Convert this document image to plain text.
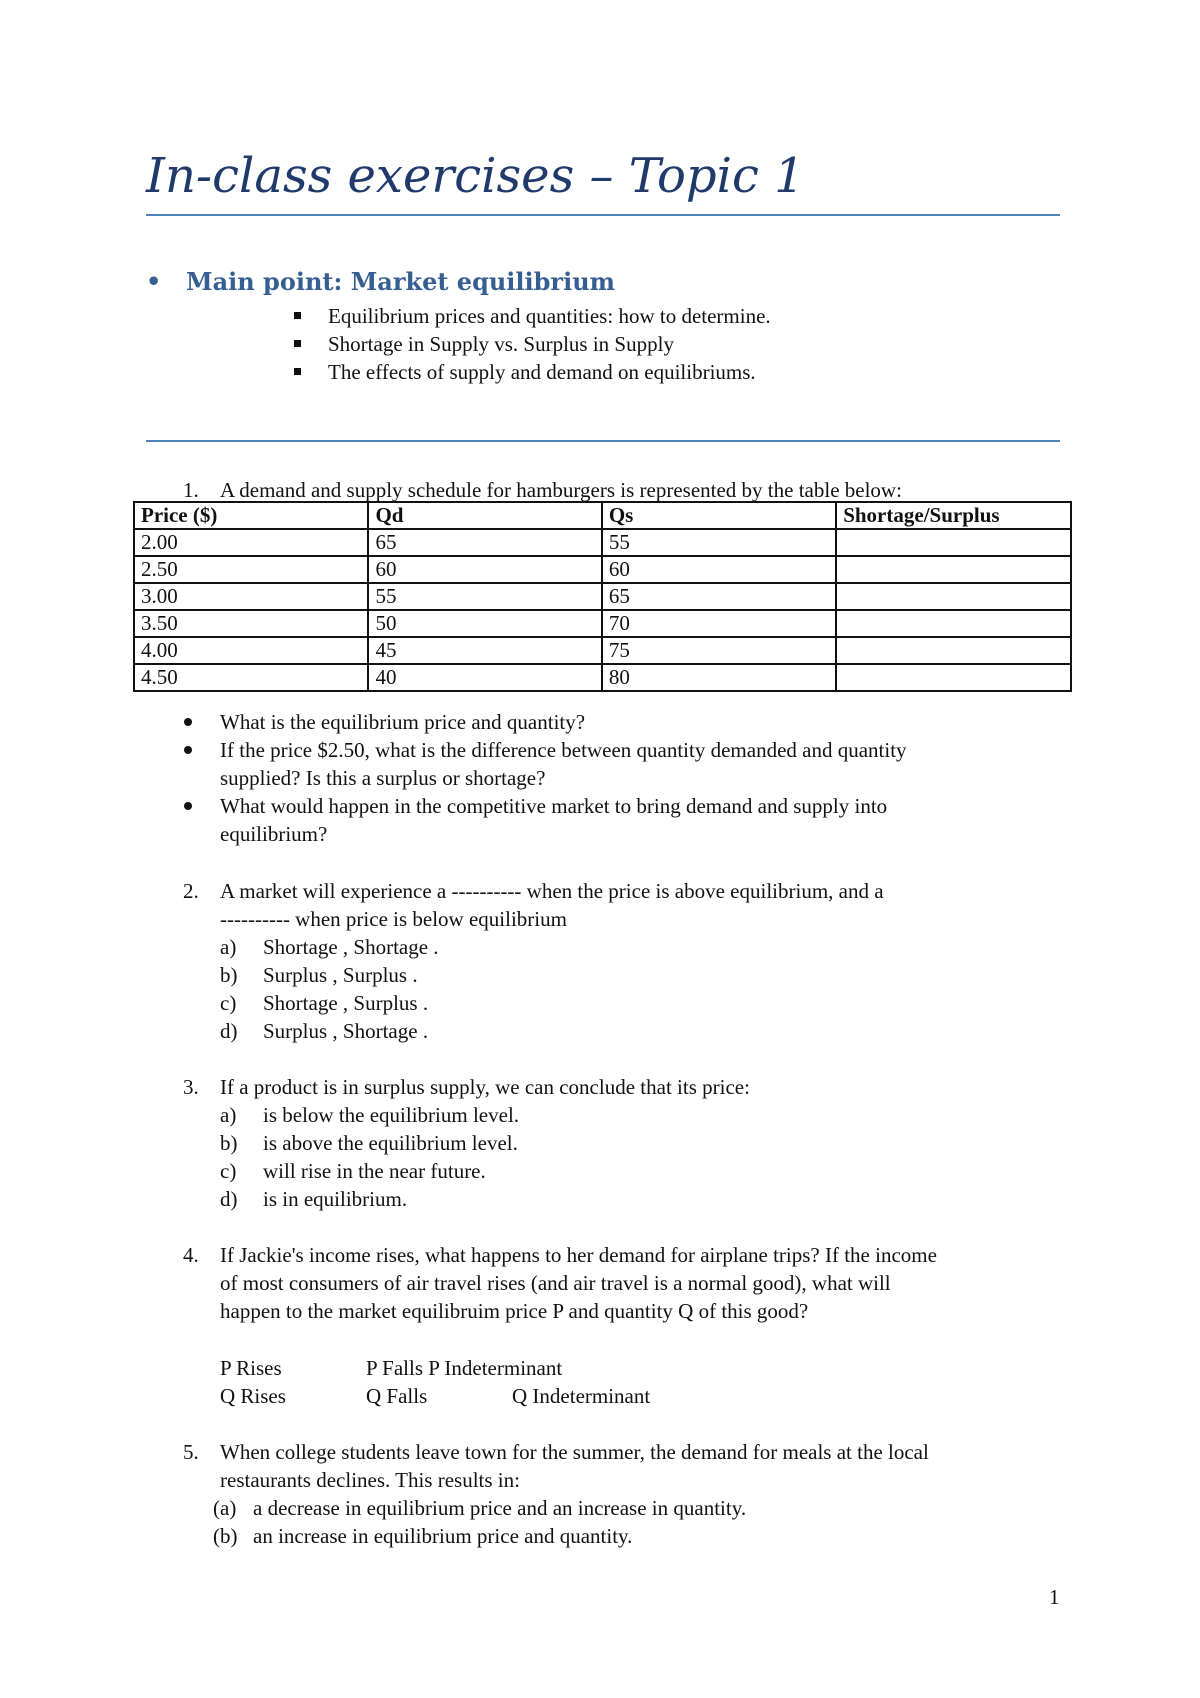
In-class exercises – Topic 1
• Main point: Market equilibrium
Equilibrium prices and quantities: how to determine.
Shortage in Supply vs. Surplus in Supply
The effects of supply and demand on equilibriums.
1. A demand and supply schedule for hamburgers is represented by the table below:
Price ($)	Qd	Qs	Shortage/Surplus
2.00	65	55	
2.50	60	60	
3.00	55	65	
3.50	50	70	
4.00	45	75	
4.50	40	80	
What is the equilibrium price and quantity?
If the price $2.50, what is the difference between quantity demanded and quantity
supplied? Is this a surplus or shortage?
What would happen in the competitive market to bring demand and supply into
equilibrium?
2. A market will experience a ---------- when the price is above equilibrium, and a
---------- when price is below equilibrium
a) Shortage , Shortage .
b) Surplus , Surplus .
c) Shortage , Surplus .
d) Surplus , Shortage .
3. If a product is in surplus supply, we can conclude that its price:
a) is below the equilibrium level.
b) is above the equilibrium level.
c) will rise in the near future.
d) is in equilibrium.
4. If Jackie's income rises, what happens to her demand for airplane trips? If the income
of most consumers of air travel rises (and air travel is a normal good), what will
happen to the market equilibruim price P and quantity Q of this good?
P Rises	P Falls P Indeterminant
Q Rises	Q Falls	Q Indeterminant
5. When college students leave town for the summer, the demand for meals at the local
restaurants declines. This results in:
(a) a decrease in equilibrium price and an increase in quantity.
(b) an increase in equilibrium price and quantity.
1
